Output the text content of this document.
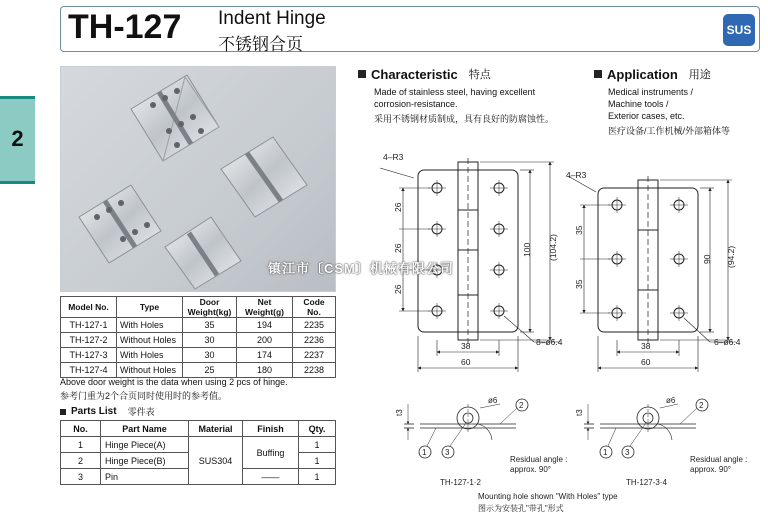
TH-127 Indent Hinge
不锈钢合页
SUS
2
Model No.	Type	Door Weight(kg)	Net Weight(g)	Code No.
TH-127-1	With Holes	35	194	2235
TH-127-2	Without Holes	30	200	2236
TH-127-3	With Holes	30	174	2237
TH-127-4	Without Holes	25	180	2238
Above door weight is the data when using 2 pcs of hinge.
参考门重为2个合页同时使用时的参考值。
Parts List 零件表
No.	Part Name	Material	Finish	Qty.
1	Hinge Piece(A)	SUS304	Buffing	1
2	Hinge Piece(B)			1
3	Pin		——	1
Characteristic 特点
Made of stainless steel, having excellent
corrosion-resistance.
采用不锈钢材质制成，具有良好的防腐蚀性。
Application 用途
Medical instruments /
Machine tools /
Exterior cases, etc.
医疗设备/工作机械/外部箱体等
4–R3
26
26
26
100 (104.2)
38
60
8–ø6.4
4–R3
35
35
90 (94.2)
38
60
6–ø6.4
t3
ø6
1 3
2
Residual angle :
approx. 90°
TH-127-1·2
t3
ø6
1 3
2
Residual angle :
approx. 90°
TH-127-3·4
Mounting hole shown "With Holes" type
图示为安装孔"带孔"形式
镇江市〔CSM〕机械有限公司
